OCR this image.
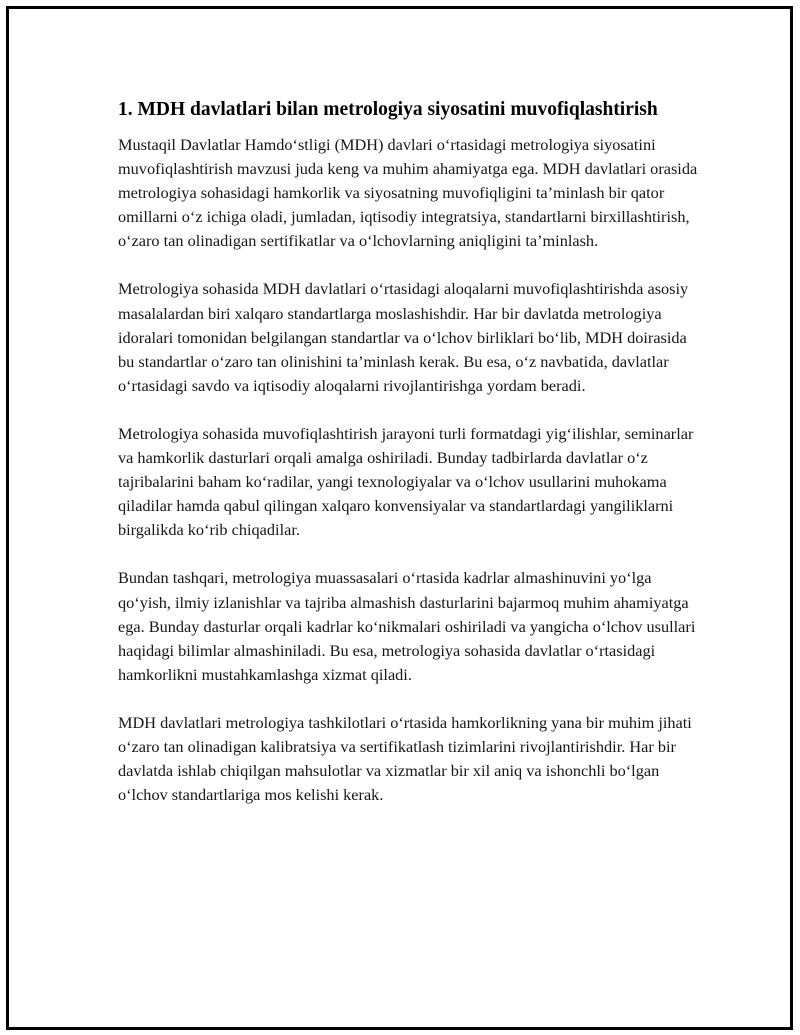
1. MDH davlatlari bilan metrologiya siyosatini muvofiqlashtirish

Mustaqil Davlatlar Hamdo‘stligi (MDH) davlari o‘rtasidagi metrologiya siyosatini muvofiqlashtirish mavzusi juda keng va muhim ahamiyatga ega. MDH davlatlari orasida metrologiya sohasidagi hamkorlik va siyosatning muvofiqligini ta’minlash bir qator omillarni o‘z ichiga oladi, jumladan, iqtisodiy integratsiya, standartlarni birxillashtirish, o‘zaro tan olinadigan sertifikatlar va o‘lchovlarning aniqligini ta’minlash.

Metrologiya sohasida MDH davlatlari o‘rtasidagi aloqalarni muvofiqlashtirishda asosiy masalalardan biri xalqaro standartlarga moslashishdir. Har bir davlatda metrologiya idoralari tomonidan belgilangan standartlar va o‘lchov birliklari bo‘lib, MDH doirasida bu standartlar o‘zaro tan olinishini ta’minlash kerak. Bu esa, o‘z navbatida, davlatlar o‘rtasidagi savdo va iqtisodiy aloqalarni rivojlantirishga yordam beradi.

Metrologiya sohasida muvofiqlashtirish jarayoni turli formatdagi yig‘ilishlar, seminarlar va hamkorlik dasturlari orqali amalga oshiriladi. Bunday tadbirlarda davlatlar o‘z tajribalarini baham ko‘radilar, yangi texnologiyalar va o‘lchov usullarini muhokama qiladilar hamda qabul qilingan xalqaro konvensiyalar va standartlardagi yangiliklarni birgalikda ko‘rib chiqadilar.

Bundan tashqari, metrologiya muassasalari o‘rtasida kadrlar almashinuvini yo‘lga qo‘yish, ilmiy izlanishlar va tajriba almashish dasturlarini bajarmoq muhim ahamiyatga ega. Bunday dasturlar orqali kadrlar ko‘nikmalari oshiriladi va yangicha o‘lchov usullari haqidagi bilimlar almashiniladi. Bu esa, metrologiya sohasida davlatlar o‘rtasidagi hamkorlikni mustahkamlashga xizmat qiladi.

MDH davlatlari metrologiya tashkilotlari o‘rtasida hamkorlikning yana bir muhim jihati o‘zaro tan olinadigan kalibratsiya va sertifikatlash tizimlarini rivojlantirishdir. Har bir davlatda ishlab chiqilgan mahsulotlar va xizmatlar bir xil aniq va ishonchli bo‘lgan o‘lchov standartlariga mos kelishi kerak.
